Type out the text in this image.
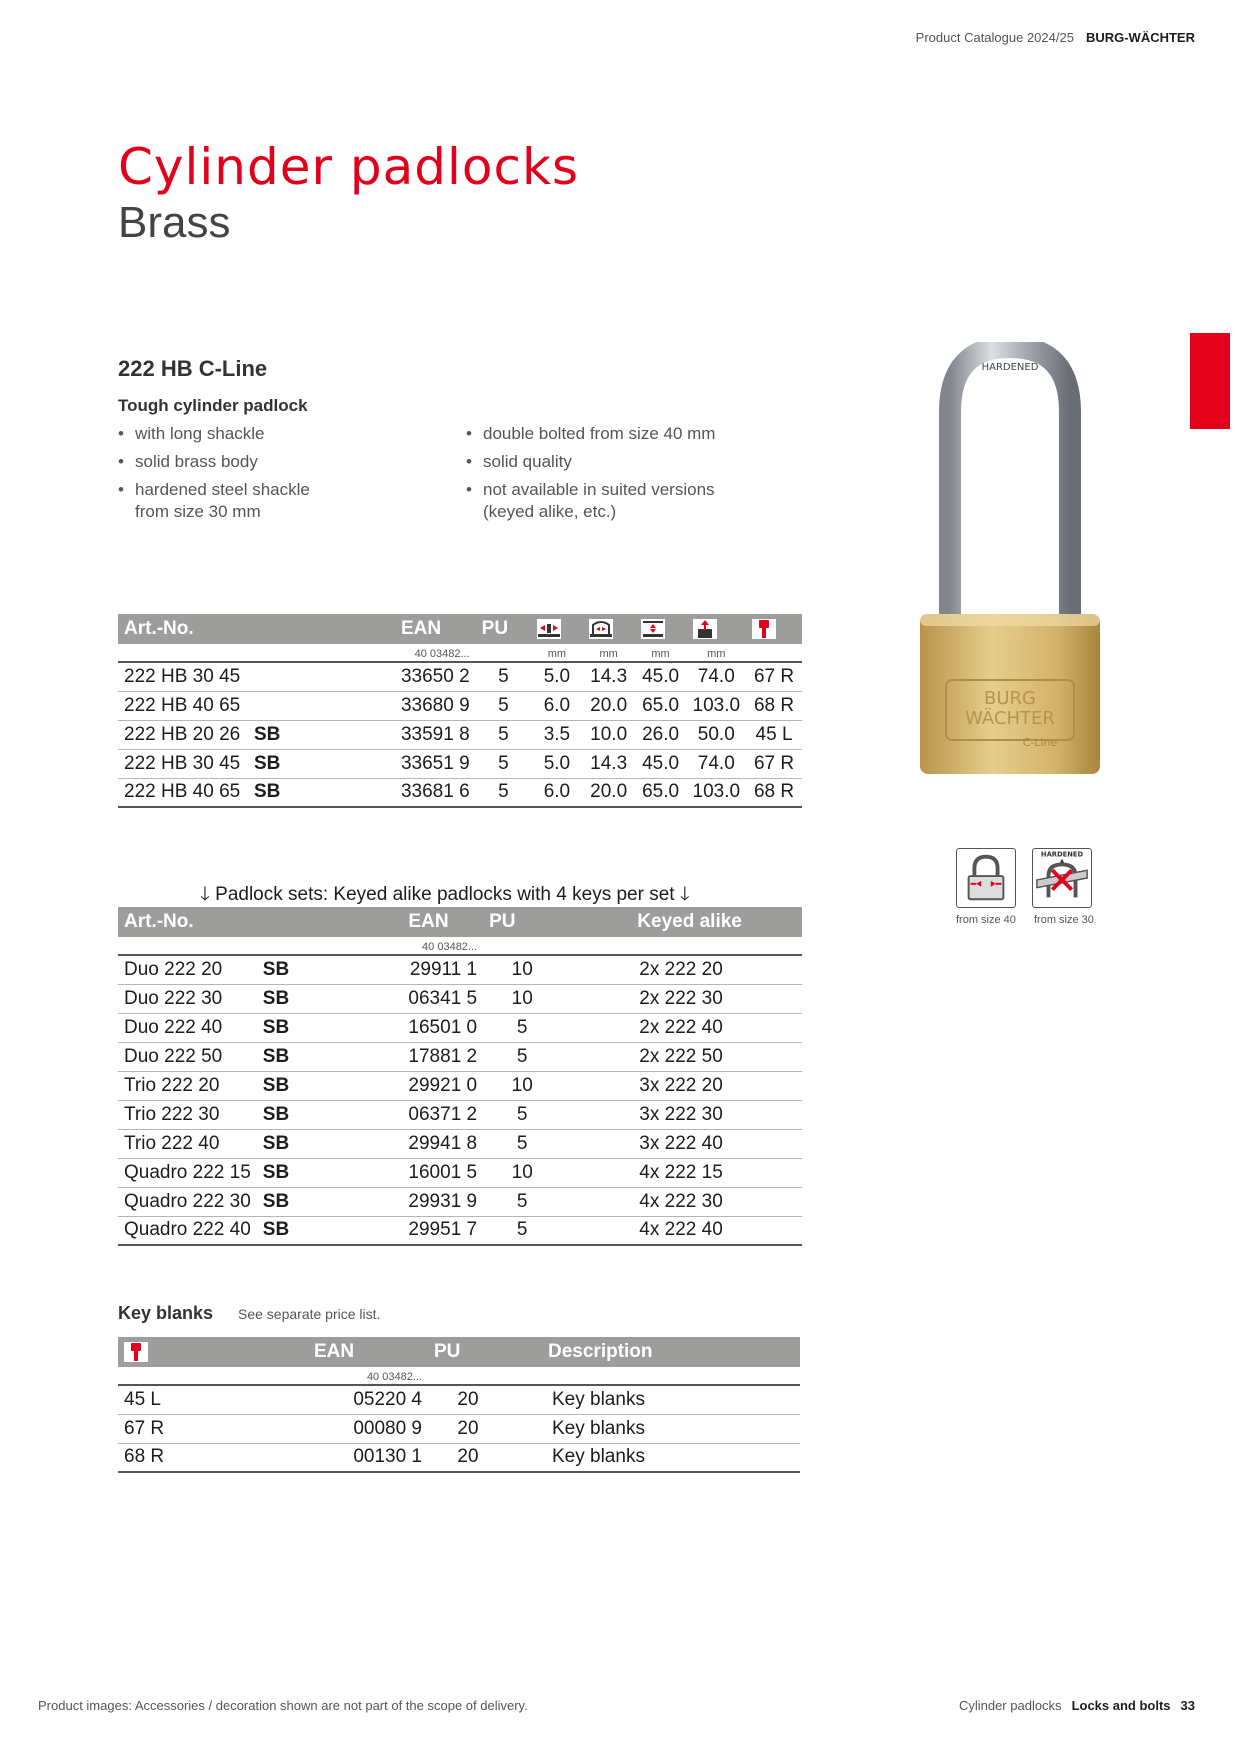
Product Catalogue 2024/25 BURG-WÄCHTER
Cylinder padlocks
Brass
222 HB C-Line
Tough cylinder padlock
• with long shackle
• solid brass body
• hardened steel shackle from size 30 mm
• double bolted from size 40 mm
• solid quality
• not available in suited versions (keyed alike, etc.)
Art.-No.			EAN	PU	

			40 03482...		mm	mm	mm	mm	
222 HB 30 45			33650 2	5	5.0	14.3	45.0	74.0	67 R
222 HB 40 65			33680 9	5	6.0	20.0	65.0	103.0	68 R
222 HB 20 26	SB		33591 8	5	3.5	10.0	26.0	50.0	45 L
222 HB 30 45	SB		33651 9	5	5.0	14.3	45.0	74.0	67 R
222 HB 40 65	SB		33681 6	5	6.0	20.0	65.0	103.0	68 R
🡓 Padlock sets: Keyed alike padlocks with 4 keys per set 🡓
Art.-No.			EAN	PU	Keyed alike
			40 03482...		
Duo 222 20	SB		29911 1	10	2x 222 20
Duo 222 30	SB		06341 5	10	2x 222 30
Duo 222 40	SB		16501 0	5	2x 222 40
Duo 222 50	SB		17881 2	5	2x 222 50
Trio 222 20	SB		29921 0	10	3x 222 20
Trio 222 30	SB		06371 2	5	3x 222 30
Trio 222 40	SB		29941 8	5	3x 222 40
Quadro 222 15	SB		16001 5	10	4x 222 15
Quadro 222 30	SB		29931 9	5	4x 222 30
Quadro 222 40	SB		29951 7	5	4x 222 40
Key blanks See separate price list.
	EAN	PU	Description
	40 03482...		
45 L	05220 4	20	Key blanks
67 R	00080 9	20	Key blanks
68 R	00130 1	20	Key blanks
HARDENED
BURG
WÄCHTER
C-Line
HARDENED
from size 40 from size 30
Product images: Accessories / decoration shown are not part of the scope of delivery.	Cylinder padlocks Locks and bolts 33
